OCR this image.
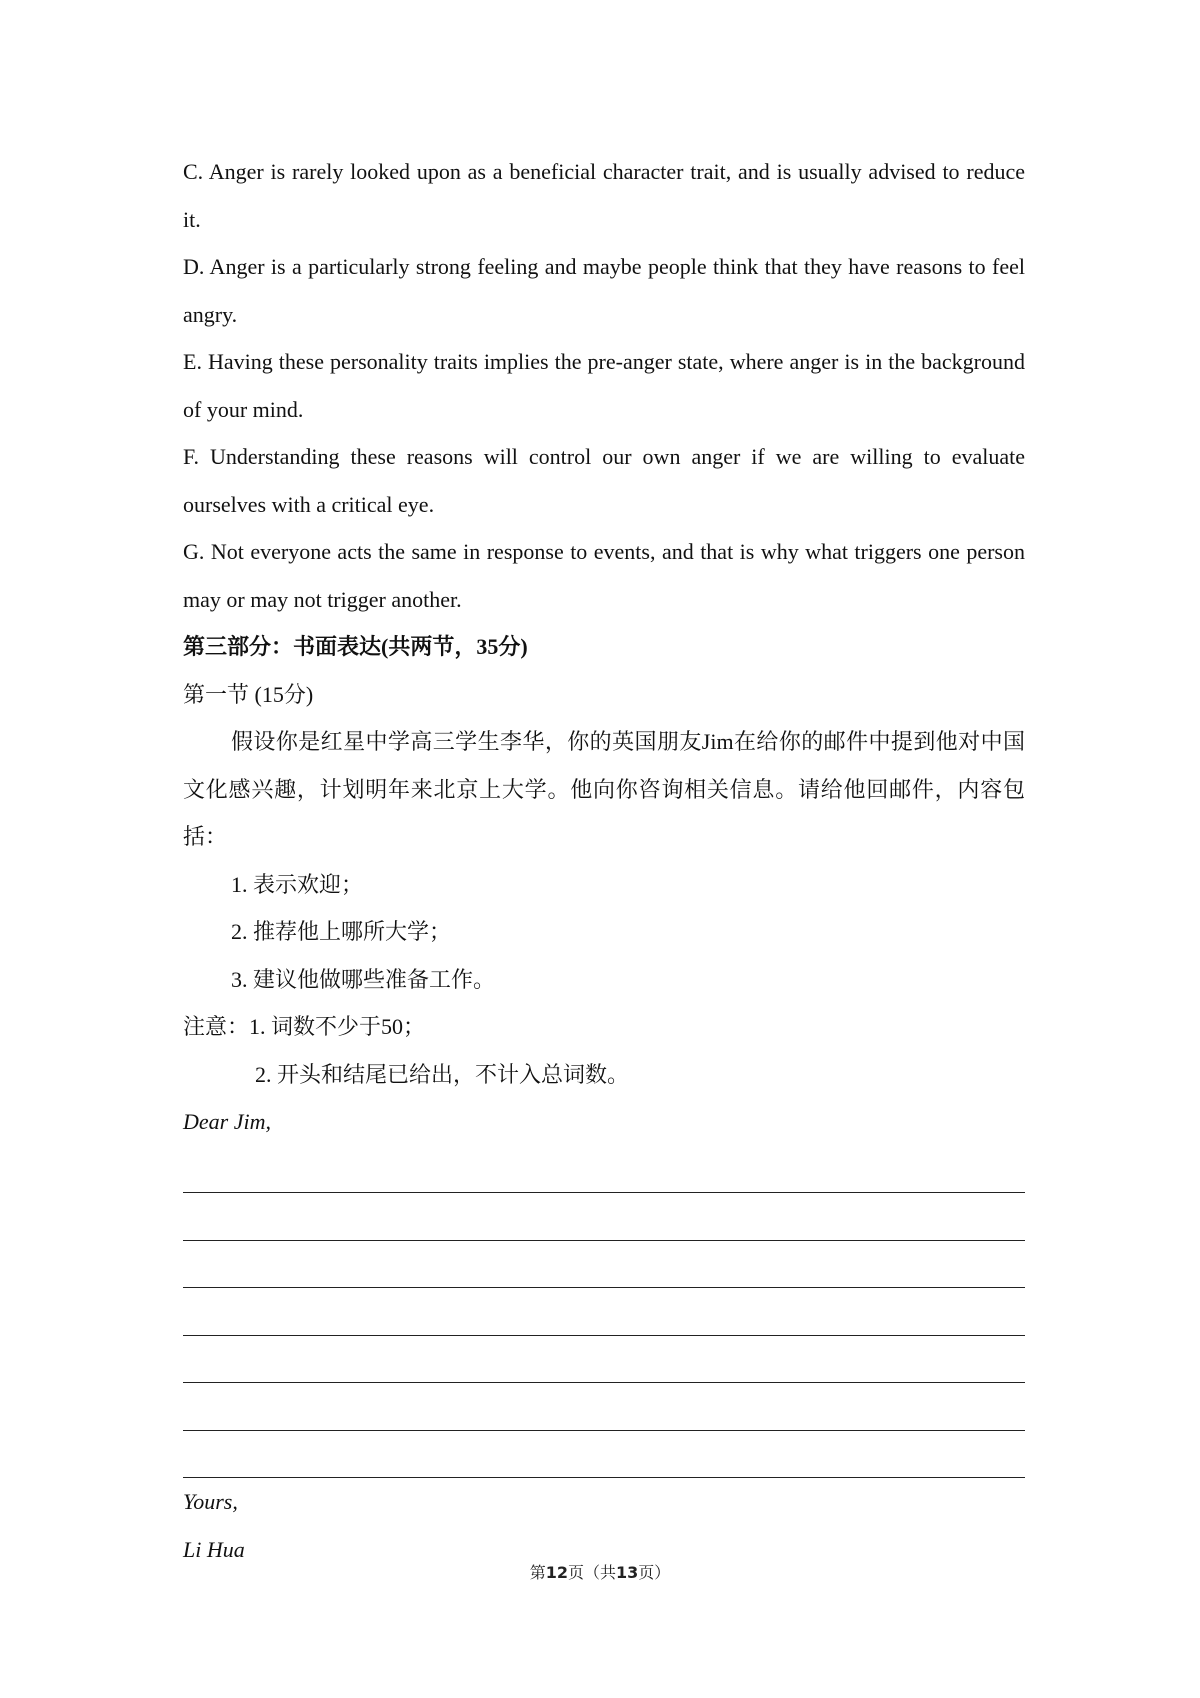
C. Anger is rarely looked upon as a beneficial character trait, and is usually advised to reduce it.

D. Anger is a particularly strong feeling and maybe people think that they have reasons to feel angry.

E. Having these personality traits implies the pre-anger state, where anger is in the background of your mind.

F. Understanding these reasons will control our own anger if we are willing to evaluate ourselves with a critical eye.

G. Not everyone acts the same in response to events, and that is why what triggers one person may or may not trigger another.

第三部分：书面表达(共两节，35分)

第一节 (15分)

假设你是红星中学高三学生李华，你的英国朋友Jim在给你的邮件中提到他对中国文化感兴趣，计划明年来北京上大学。他向你咨询相关信息。请给他回邮件，内容包括：

1. 表示欢迎；
2. 推荐他上哪所大学；
3. 建议他做哪些准备工作。

注意：1. 词数不少于50；

2. 开头和结尾已给出，不计入总词数。

Dear Jim,

Yours,

Li Hua

第12页（共13页）
